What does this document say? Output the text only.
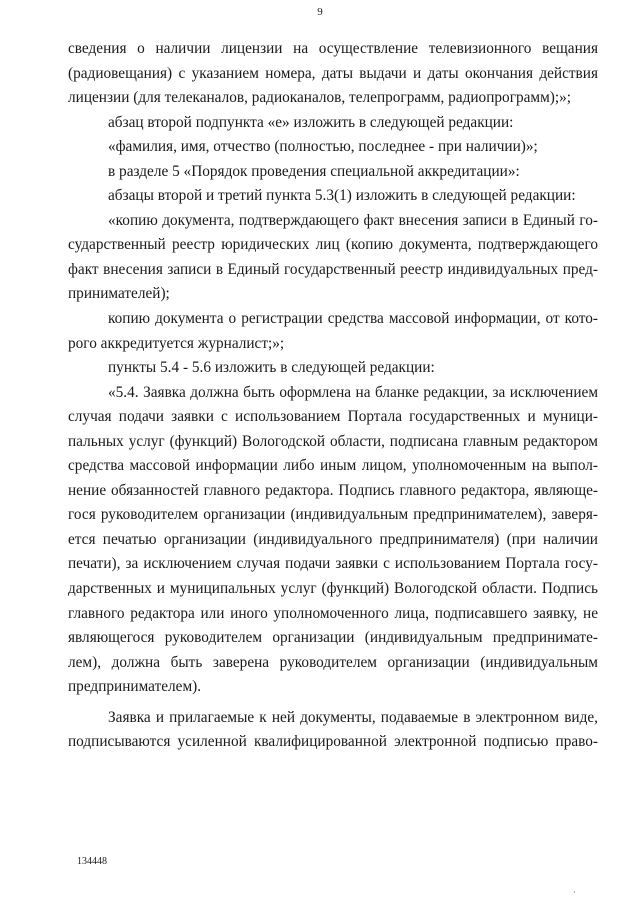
9

сведения о наличии лицензии на осуществление телевизионного вещания

(радиовещания) с указанием номера, даты выдачи и даты окончания действия

лицензии (для телеканалов, радиоканалов, телепрограмм, радиопрограмм);»;

абзац второй подпункта «е» изложить в следующей редакции:

«фамилия, имя, отчество (полностью, последнее - при наличии)»;

в разделе 5 «Порядок проведения специальной аккредитации»:

абзацы второй и третий пункта 5.3(1) изложить в следующей редакции:

«копию документа, подтверждающего факт внесения записи в Единый го-

сударственный реестр юридических лиц (копию документа, подтверждающего

факт внесения записи в Единый государственный реестр индивидуальных пред-

принимателей);

копию документа о регистрации средства массовой информации, от кото-

рого аккредитуется журналист;»;

пункты 5.4 - 5.6 изложить в следующей редакции:

«5.4. Заявка должна быть оформлена на бланке редакции, за исключением

случая подачи заявки с использованием Портала государственных и муници-

пальных услуг (функций) Вологодской области, подписана главным редактором

средства массовой информации либо иным лицом, уполномоченным на выпол-

нение обязанностей главного редактора. Подпись главного редактора, являюще-

гося руководителем организации (индивидуальным предпринимателем), заверя-

ется печатью организации (индивидуального предпринимателя) (при наличии

печати), за исключением случая подачи заявки с использованием Портала госу-

дарственных и муниципальных услуг (функций) Вологодской области. Подпись

главного редактора или иного уполномоченного лица, подписавшего заявку, не

являющегося руководителем организации (индивидуальным предпринимате-

лем), должна быть заверена руководителем организации (индивидуальным

предпринимателем).

Заявка и прилагаемые к ней документы, подаваемые в электронном виде,

подписываются усиленной квалифицированной электронной подписью право-

134448
·
